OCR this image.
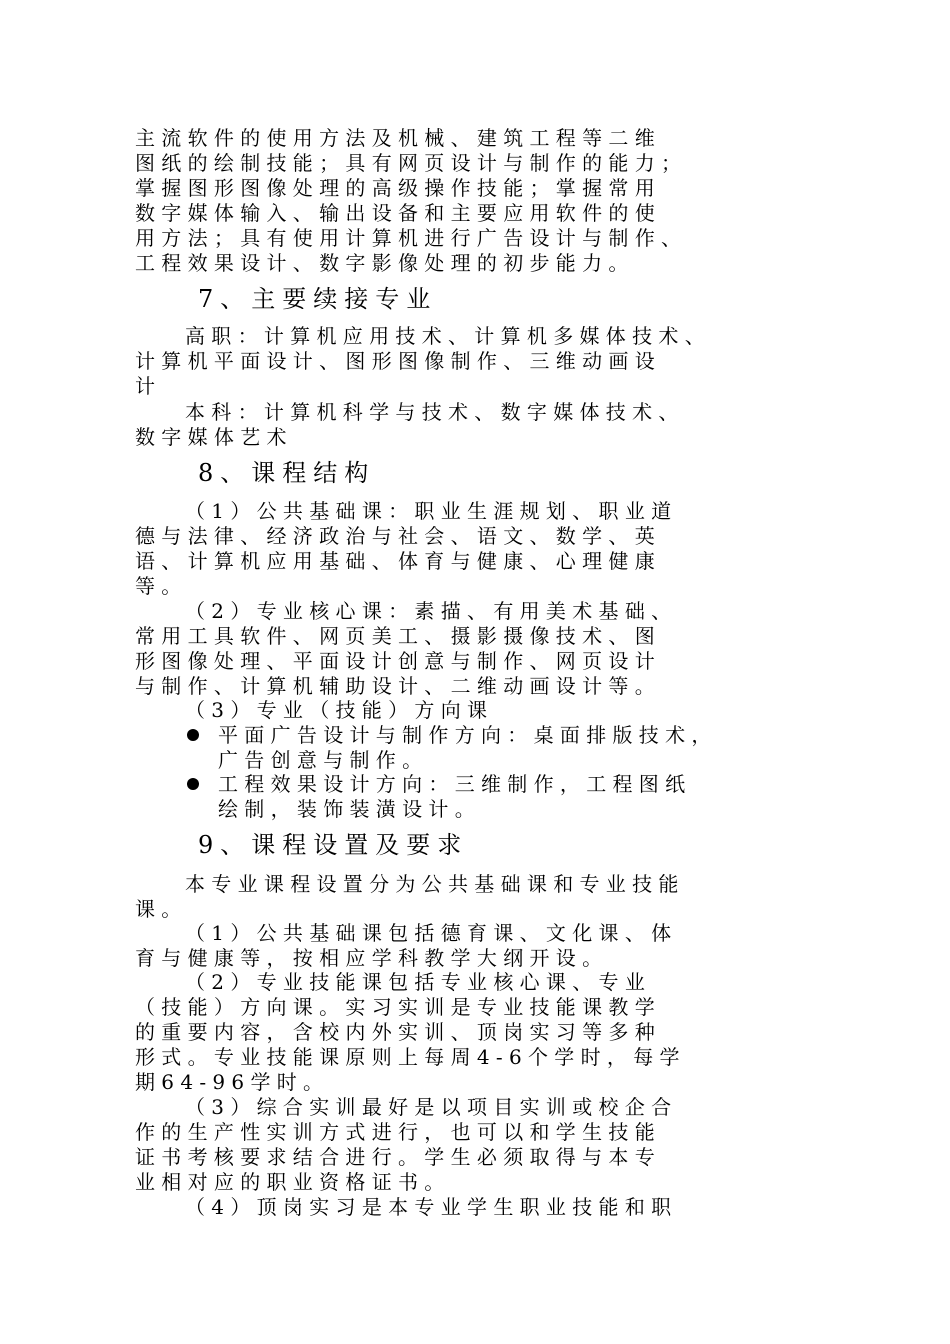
主流软件的使用方法及机械、建筑工程等二维
图纸的绘制技能；具有网页设计与制作的能力；
掌握图形图像处理的高级操作技能；掌握常用
数字媒体输入、输出设备和主要应用软件的使
用方法；具有使用计算机进行广告设计与制作、
工程效果设计、数字影像处理的初步能力。
7、主要续接专业
高职：计算机应用技术、计算机多媒体技术、
计算机平面设计、图形图像制作、三维动画设
计
本科：计算机科学与技术、数字媒体技术、
数字媒体艺术
8、课程结构
（1）公共基础课：职业生涯规划、职业道
德与法律、经济政治与社会、语文、数学、英
语、计算机应用基础、体育与健康、心理健康
等。
（2）专业核心课：素描、有用美术基础、
常用工具软件、网页美工、摄影摄像技术、图
形图像处理、平面设计创意与制作、网页设计
与制作、计算机辅助设计、二维动画设计等。
（3）专业（技能）方向课
平面广告设计与制作方向：桌面排版技术，
广告创意与制作。
工程效果设计方向：三维制作，工程图纸
绘制，装饰装潢设计。
9、课程设置及要求
本专业课程设置分为公共基础课和专业技能
课。
（1）公共基础课包括德育课、文化课、体
育与健康等，按相应学科教学大纲开设。
（2）专业技能课包括专业核心课、专业
（技能）方向课。实习实训是专业技能课教学
的重要内容，含校内外实训、顶岗实习等多种
形式。专业技能课原则上每周4-6个学时，每学
期64-96学时。
（3）综合实训最好是以项目实训或校企合
作的生产性实训方式进行，也可以和学生技能
证书考核要求结合进行。学生必须取得与本专
业相对应的职业资格证书。
（4）顶岗实习是本专业学生职业技能和职
